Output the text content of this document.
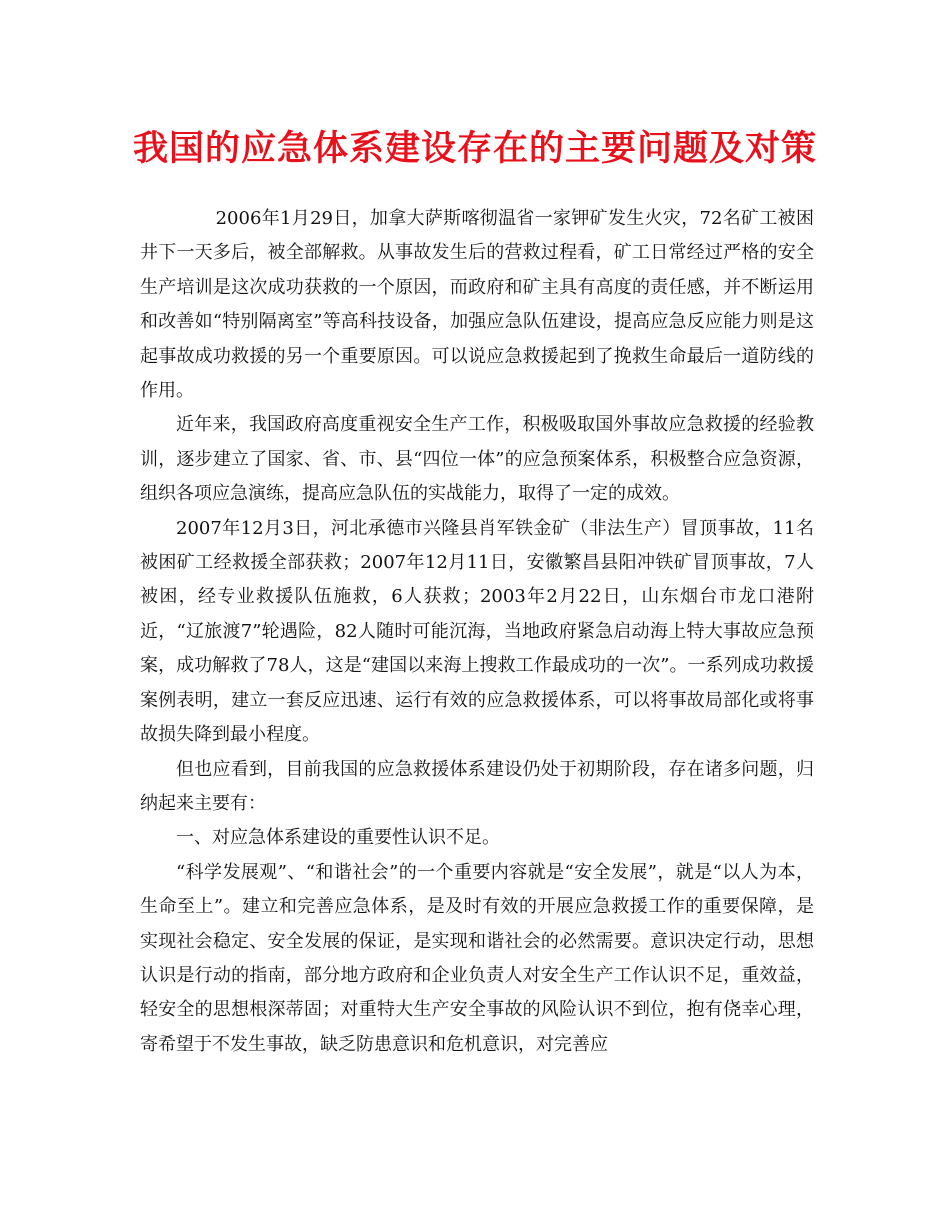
我国的应急体系建设存在的主要问题及对策

2006年1月29日，加拿大萨斯喀彻温省一家钾矿发生火灾，72名矿工被困井下一天多后，被全部解救。从事故发生后的营救过程看，矿工日常经过严格的安全生产培训是这次成功获救的一个原因，而政府和矿主具有高度的责任感，并不断运用和改善如“特别隔离室”等高科技设备，加强应急队伍建设，提高应急反应能力则是这起事故成功救援的另一个重要原因。可以说应急救援起到了挽救生命最后一道防线的作用。

近年来，我国政府高度重视安全生产工作，积极吸取国外事故应急救援的经验教训，逐步建立了国家、省、市、县“四位一体”的应急预案体系，积极整合应急资源，组织各项应急演练，提高应急队伍的实战能力，取得了一定的成效。

2007年12月3日，河北承德市兴隆县肖军铁金矿（非法生产）冒顶事故，11名被困矿工经救援全部获救；2007年12月11日，安徽繁昌县阳冲铁矿冒顶事故，7人被困，经专业救援队伍施救，6人获救；2003年2月22日，山东烟台市龙口港附近，“辽旅渡7”轮遇险，82人随时可能沉海，当地政府紧急启动海上特大事故应急预案，成功解救了78人，这是“建国以来海上搜救工作最成功的一次”。一系列成功救援案例表明，建立一套反应迅速、运行有效的应急救援体系，可以将事故局部化或将事故损失降到最小程度。

但也应看到，目前我国的应急救援体系建设仍处于初期阶段，存在诸多问题，归纳起来主要有：

一、对应急体系建设的重要性认识不足。

“科学发展观”、“和谐社会”的一个重要内容就是“安全发展”，就是“以人为本，生命至上”。建立和完善应急体系，是及时有效的开展应急救援工作的重要保障，是实现社会稳定、安全发展的保证，是实现和谐社会的必然需要。意识决定行动，思想认识是行动的指南，部分地方政府和企业负责人对安全生产工作认识不足，重效益，轻安全的思想根深蒂固；对重特大生产安全事故的风险认识不到位，抱有侥幸心理，寄希望于不发生事故，缺乏防患意识和危机意识，对完善应
